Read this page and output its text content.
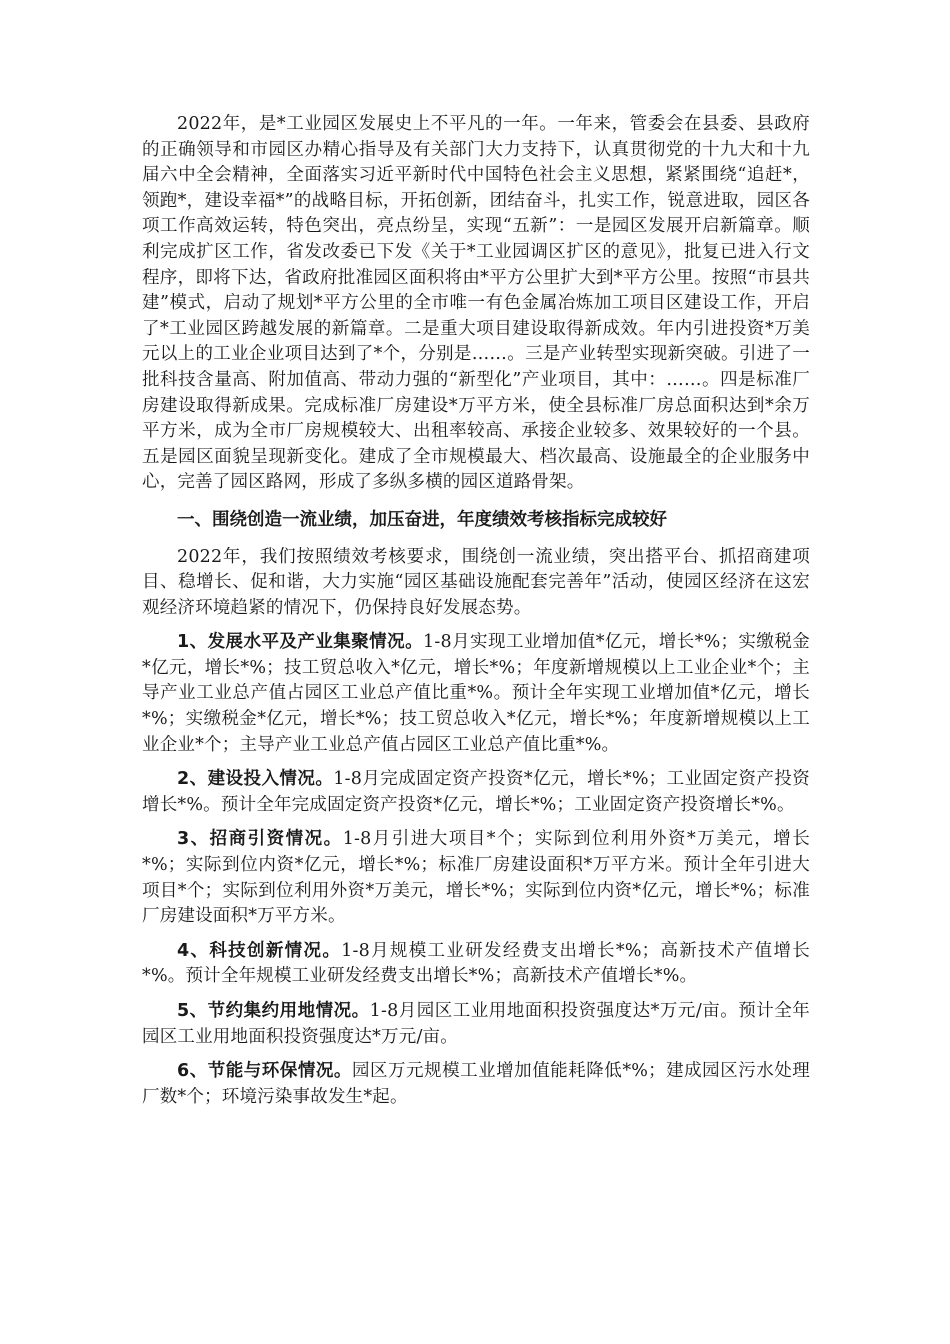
2022年，是*工业园区发展史上不平凡的一年。一年来，管委会在县委、县政府的正确领导和市园区办精心指导及有关部门大力支持下，认真贯彻党的十九大和十九届六中全会精神，全面落实习近平新时代中国特色社会主义思想，紧紧围绕“追赶*，领跑*，建设幸福*”的战略目标，开拓创新，团结奋斗，扎实工作，锐意进取，园区各项工作高效运转，特色突出，亮点纷呈，实现“五新”：一是园区发展开启新篇章。顺利完成扩区工作，省发改委已下发《关于*工业园调区扩区的意见》，批复已进入行文程序，即将下达，省政府批准园区面积将由*平方公里扩大到*平方公里。按照“市县共建”模式，启动了规划*平方公里的全市唯一有色金属冶炼加工项目区建设工作，开启了*工业园区跨越发展的新篇章。二是重大项目建设取得新成效。年内引进投资*万美元以上的工业企业项目达到了*个，分别是……。三是产业转型实现新突破。引进了一批科技含量高、附加值高、带动力强的“新型化”产业项目，其中：……。四是标准厂房建设取得新成果。完成标准厂房建设*万平方米，使全县标准厂房总面积达到*余万平方米，成为全市厂房规模较大、出租率较高、承接企业较多、效果较好的一个县。五是园区面貌呈现新变化。建成了全市规模最大、档次最高、设施最全的企业服务中心，完善了园区路网，形成了多纵多横的园区道路骨架。

一、围绕创造一流业绩，加压奋进，年度绩效考核指标完成较好

2022年，我们按照绩效考核要求，围绕创一流业绩，突出搭平台、抓招商建项目、稳增长、促和谐，大力实施“园区基础设施配套完善年”活动，使园区经济在这宏观经济环境趋紧的情况下，仍保持良好发展态势。

1、发展水平及产业集聚情况。1-8月实现工业增加值*亿元，增长*%；实缴税金*亿元，增长*%；技工贸总收入*亿元，增长*%；年度新增规模以上工业企业*个；主导产业工业总产值占园区工业总产值比重*%。预计全年实现工业增加值*亿元，增长 *%；实缴税金*亿元，增长*%；技工贸总收入*亿元，增长*%；年度新增规模以上工业企业*个；主导产业工业总产值占园区工业总产值比重*%。

2、建设投入情况。1-8月完成固定资产投资*亿元，增长*%；工业固定资产投资增长*%。预计全年完成固定资产投资*亿元，增长*%；工业固定资产投资增长*%。

3、招商引资情况。1-8月引进大项目*个；实际到位利用外资*万美元，增长*%；实际到位内资*亿元，增长*%；标准厂房建设面积*万平方米。预计全年引进大项目*个；实际到位利用外资*万美元，增长*%；实际到位内资*亿元，增长*%；标准厂房建设面积*万平方米。

4、科技创新情况。1-8月规模工业研发经费支出增长*%；高新技术产值增长*%。预计全年规模工业研发经费支出增长*%；高新技术产值增长*%。

5、节约集约用地情况。1-8月园区工业用地面积投资强度达*万元/亩。预计全年园区工业用地面积投资强度达*万元/亩。

6、节能与环保情况。园区万元规模工业增加值能耗降低*%；建成园区污水处理厂数*个；环境污染事故发生*起。
